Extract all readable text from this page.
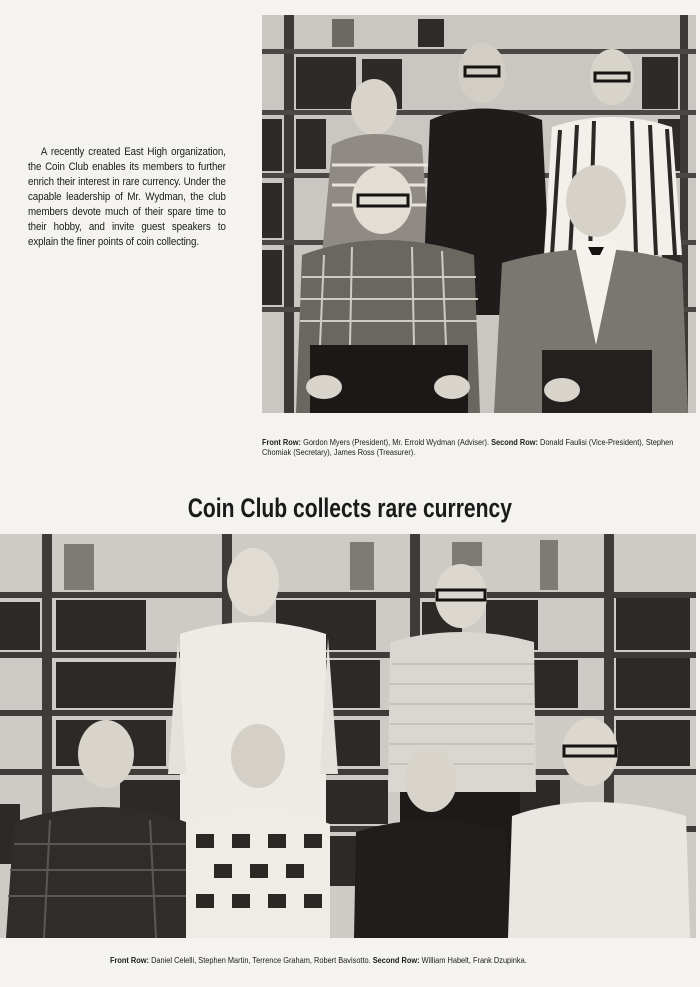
A recently created East High organization, the Coin Club enables its members to further enrich their interest in rare currency. Under the capable leadership of Mr. Wydman, the club members devote much of their spare time to their hobby, and invite guest speakers to explain the finer points of coin collecting.

Front Row: Gordon Myers (President), Mr. Errold Wydman (Adviser). Second Row: Donald Faulisi (Vice-President), Stephen Chomiak (Secretary), James Ross (Treasurer).

Coin Club collects rare currency

Front Row: Daniel Celelli, Stephen Martin, Terrence Graham, Robert Bavisotto. Second Row: William Habelt, Frank Dzupinka.
